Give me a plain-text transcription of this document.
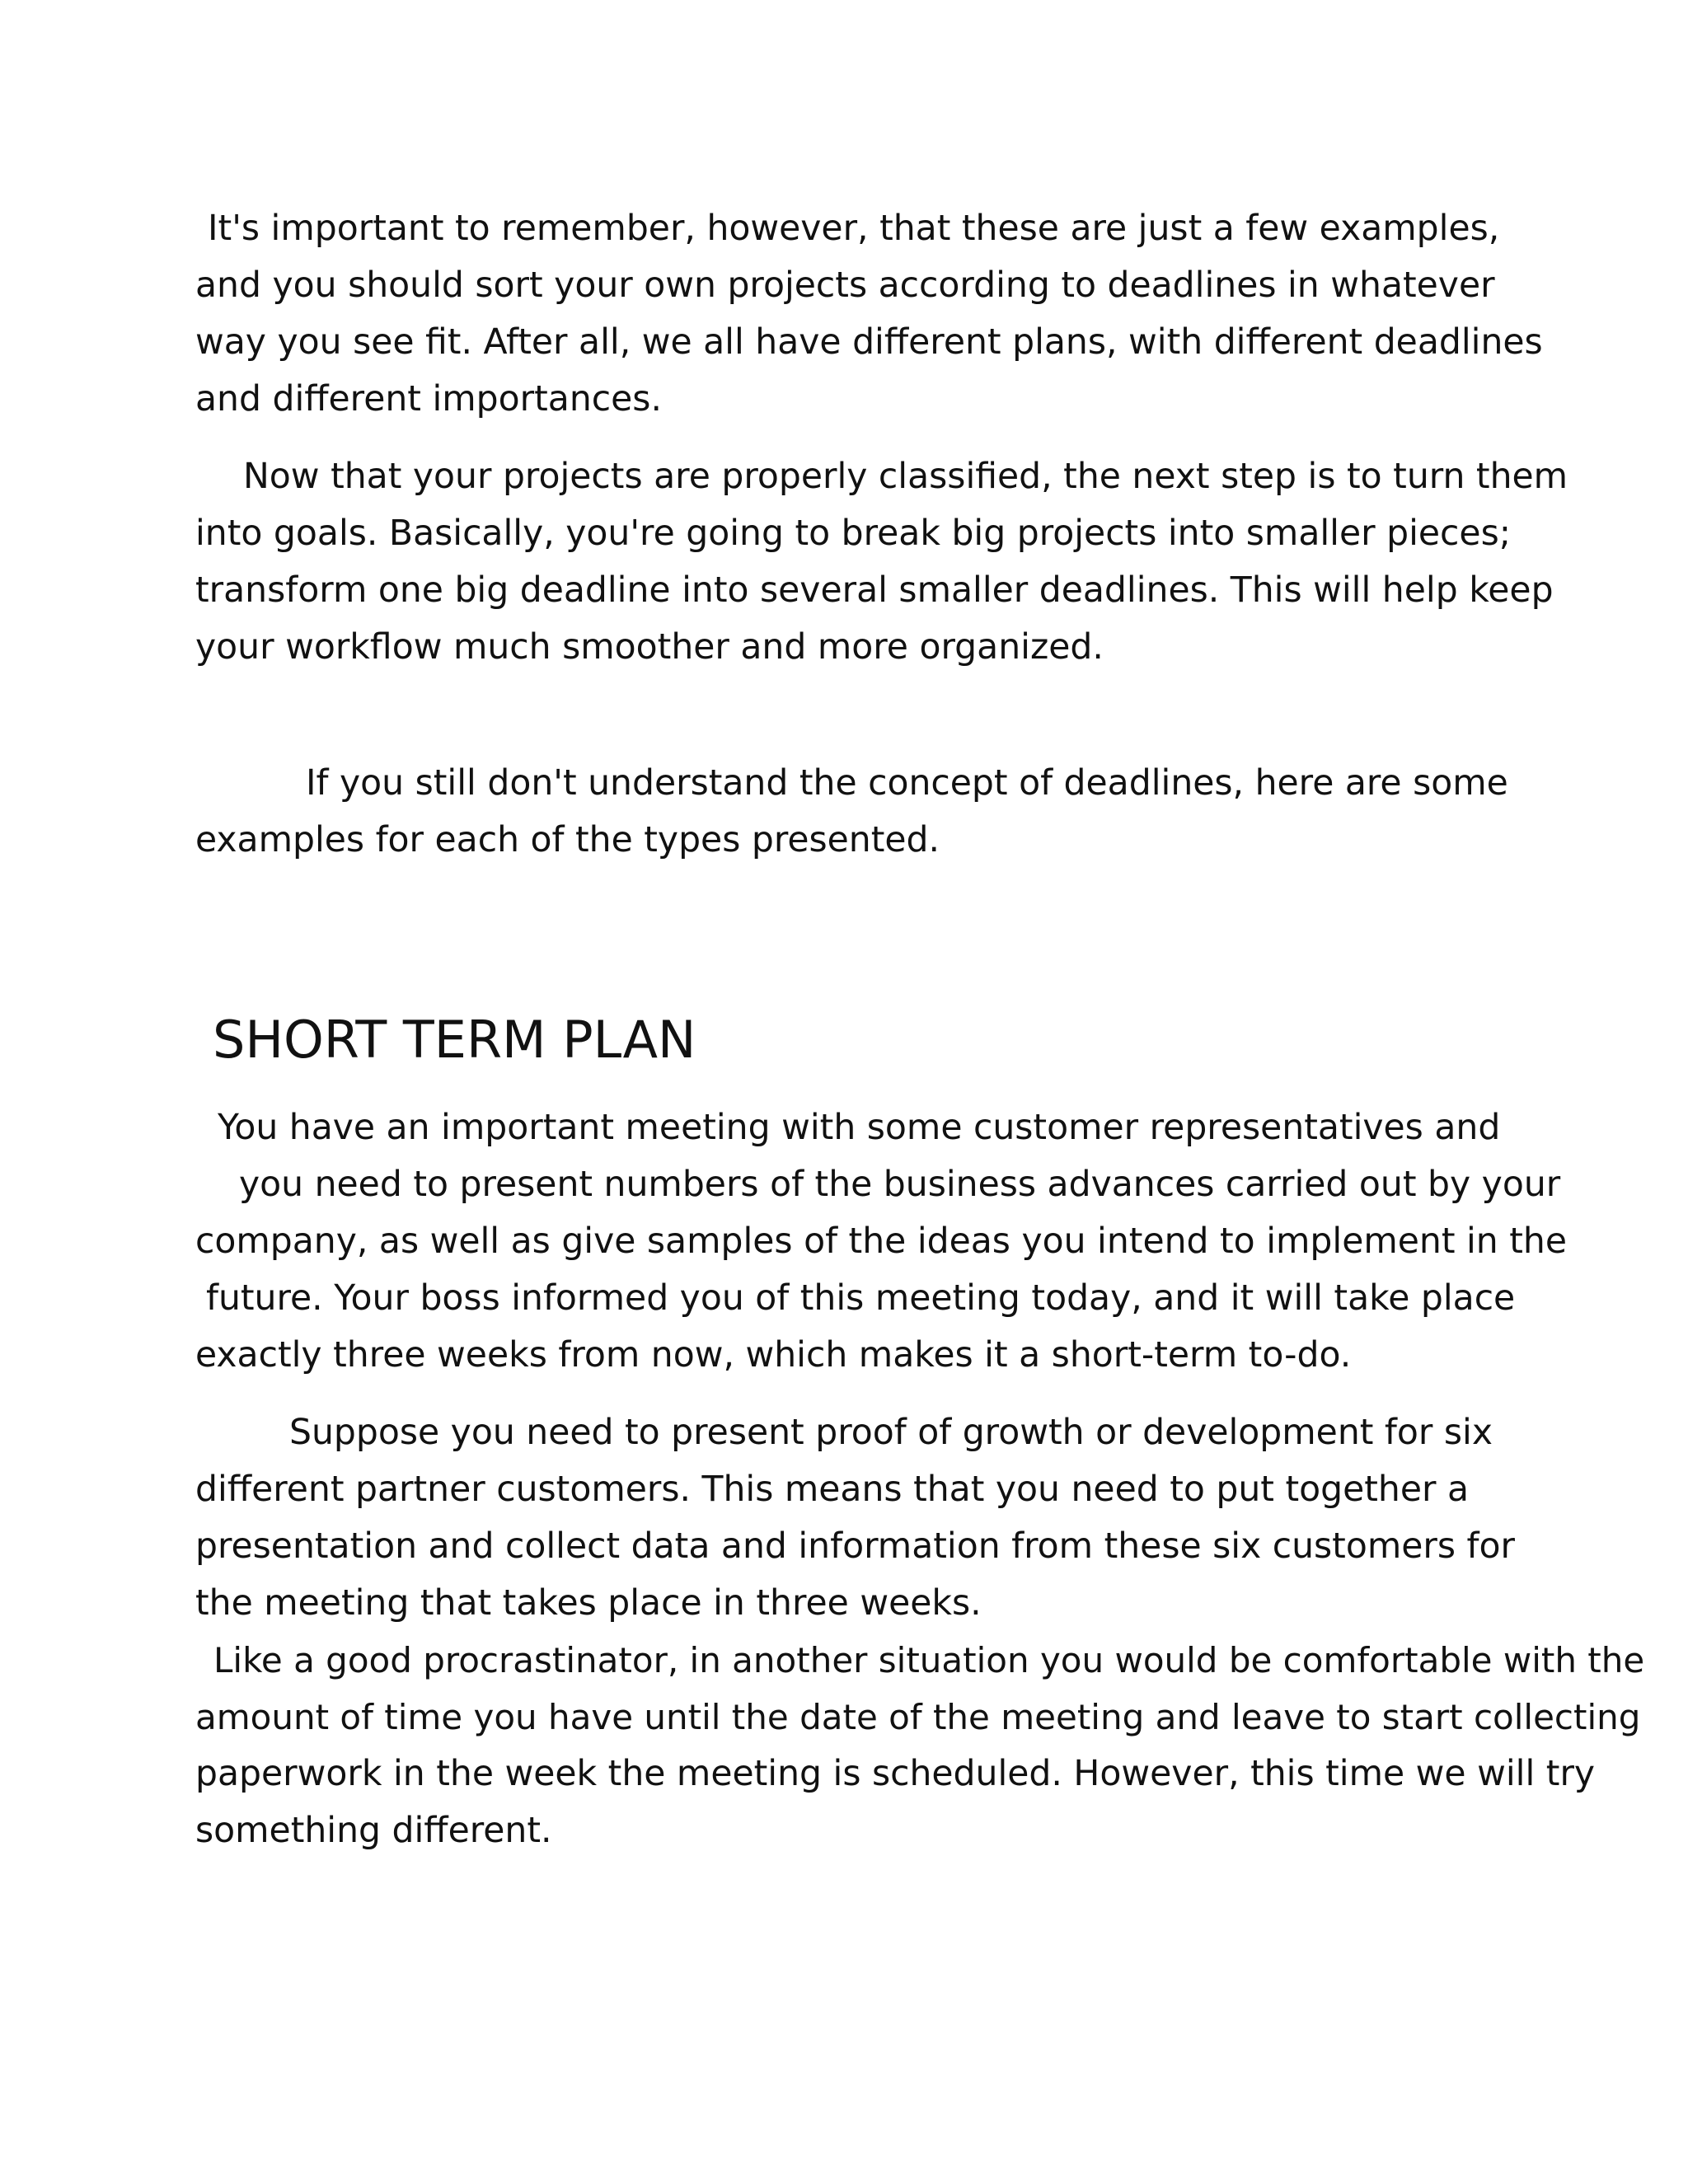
It's important to remember, however, that these are just a few examples,
and you should sort your own projects according to deadlines in whatever
way you see fit. After all, we all have different plans, with different deadlines
and different importances.
Now that your projects are properly classified, the next step is to turn them
into goals. Basically, you're going to break big projects into smaller pieces;
transform one big deadline into several smaller deadlines. This will help keep
your workflow much smoother and more organized.
If you still don't understand the concept of deadlines, here are some
examples for each of the types presented.
SHORT TERM PLAN
You have an important meeting with some customer representatives and
you need to present numbers of the business advances carried out by your
company, as well as give samples of the ideas you intend to implement in the
future. Your boss informed you of this meeting today, and it will take place
exactly three weeks from now, which makes it a short-term to-do.
Suppose you need to present proof of growth or development for six
different partner customers. This means that you need to put together a
presentation and collect data and information from these six customers for
the meeting that takes place in three weeks.
Like a good procrastinator, in another situation you would be comfortable with the
amount of time you have until the date of the meeting and leave to start collecting
paperwork in the week the meeting is scheduled. However, this time we will try
something different.
